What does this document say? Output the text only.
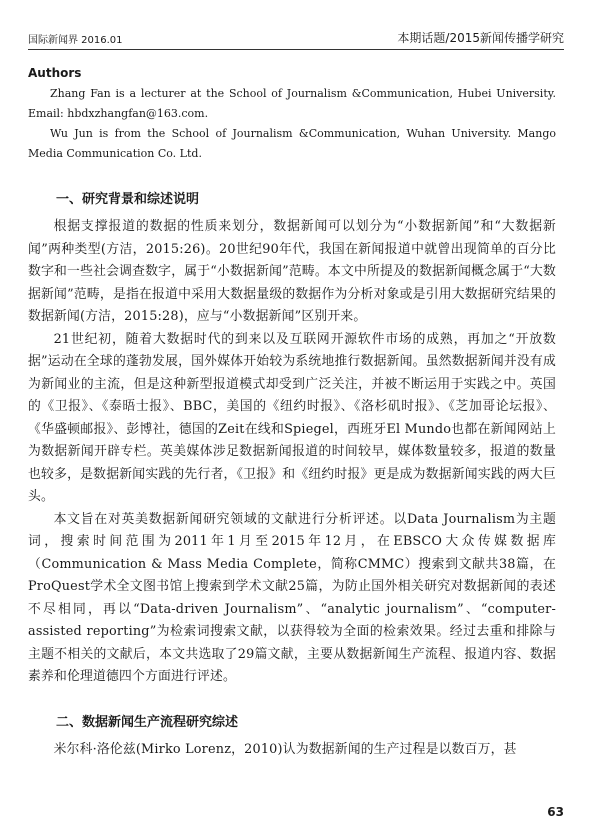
国际新闻界 2016.01	本期话题/2015新闻传播学研究
Authors

Zhang Fan is a lecturer at the School of Journalism &Communication, Hubei University. Email: hbdxzhangfan@163.com.

Wu Jun is from the School of Journalism &Communication, Wuhan University. Mango Media Communication Co. Ltd.

一、研究背景和综述说明

根据支撑报道的数据的性质来划分，数据新闻可以划分为“小数据新闻”和“大数据新闻”两种类型(方洁，2015:26)。20世纪90年代，我国在新闻报道中就曾出现简单的百分比数字和一些社会调查数字，属于“小数据新闻”范畴。本文中所提及的数据新闻概念属于“大数据新闻”范畴，是指在报道中采用大数据量级的数据作为分析对象或是引用大数据研究结果的数据新闻(方洁，2015:28)，应与“小数据新闻”区别开来。

21世纪初，随着大数据时代的到来以及互联网开源软件市场的成熟，再加之“开放数据”运动在全球的蓬勃发展，国外媒体开始较为系统地推行数据新闻。虽然数据新闻并没有成为新闻业的主流，但是这种新型报道模式却受到广泛关注，并被不断运用于实践之中。英国的《卫报》、《泰晤士报》、BBC，美国的《纽约时报》、《洛杉矶时报》、《芝加哥论坛报》、《华盛顿邮报》、彭博社，德国的Zeit在线和Spiegel，西班牙El Mundo也都在新闻网站上为数据新闻开辟专栏。英美媒体涉足数据新闻报道的时间较早，媒体数量较多，报道的数量也较多，是数据新闻实践的先行者，《卫报》和《纽约时报》更是成为数据新闻实践的两大巨头。

本文旨在对英美数据新闻研究领域的文献进行分析评述。以Data Journalism为主题词，搜索时间范围为2011年1月至2015年12月，在EBSCO大众传媒数据库（Communication & Mass Media Complete，简称CMMC）搜索到文献共38篇，在ProQuest学术全文图书馆上搜索到学术文献25篇，为防止国外相关研究对数据新闻的表述不尽相同，再以“Data-driven Journalism”、“analytic journalism”、“computer-assisted reporting”为检索词搜索文献，以获得较为全面的检索效果。经过去重和排除与主题不相关的文献后，本文共选取了29篇文献，主要从数据新闻生产流程、报道内容、数据素养和伦理道德四个方面进行评述。

二、数据新闻生产流程研究综述

米尔科·洛伦兹(Mirko Lorenz，2010)认为数据新闻的生产过程是以数百万，甚

63
